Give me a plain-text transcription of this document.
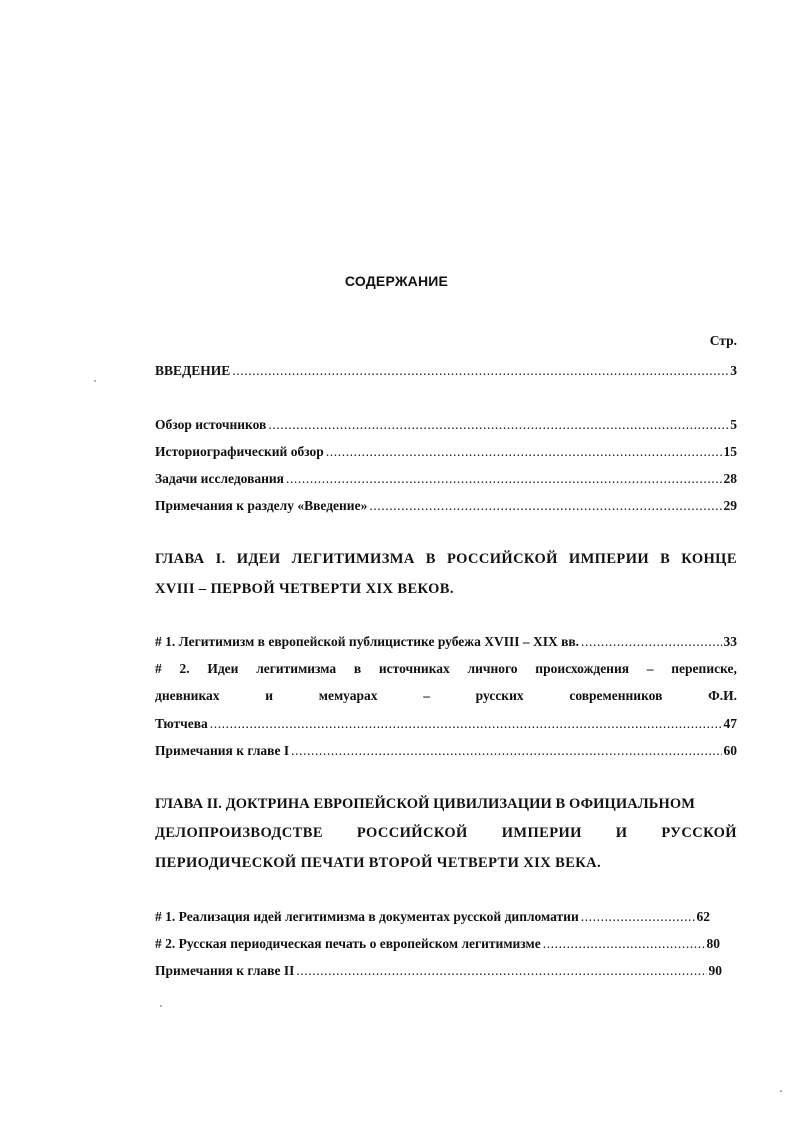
СОДЕРЖАНИЕ
Стр.
ВВЕДЕНИЕ .....	3
Обзор источников .....	5
Историографический обзор .....	15
Задачи исследования .....	28
Примечания к разделу «Введение» .....	29
ГЛАВА I. ИДЕИ ЛЕГИТИМИЗМА В РОССИЙСКОЙ ИМПЕРИИ В КОНЦЕ
XVIII – ПЕРВОЙ ЧЕТВЕРТИ XIX ВЕКОВ.
# 1. Легитимизм в европейской публицистике рубежа XVIII – XIX вв. .....	33
# 2. Идеи легитимизма в источниках личного происхождения – переписке,
дневниках	и	мемуарах	–	русских	современников	Ф.И.
Тютчева .....	47
Примечания к главе I .....	60
ГЛАВА II. ДОКТРИНА ЕВРОПЕЙСКОЙ ЦИВИЛИЗАЦИИ В ОФИЦИАЛЬНОМ
ДЕЛОПРОИЗВОДСТВЕ РОССИЙСКОЙ ИМПЕРИИ И РУССКОЙ
ПЕРИОДИЧЕСКОЙ ПЕЧАТИ ВТОРОЙ ЧЕТВЕРТИ XIX ВЕКА.
# 1. Реализация идей легитимизма в документах русской дипломатии .....	62
# 2. Русская периодическая печать о европейском легитимизме .....	80
Примечания к главе II .....	90
